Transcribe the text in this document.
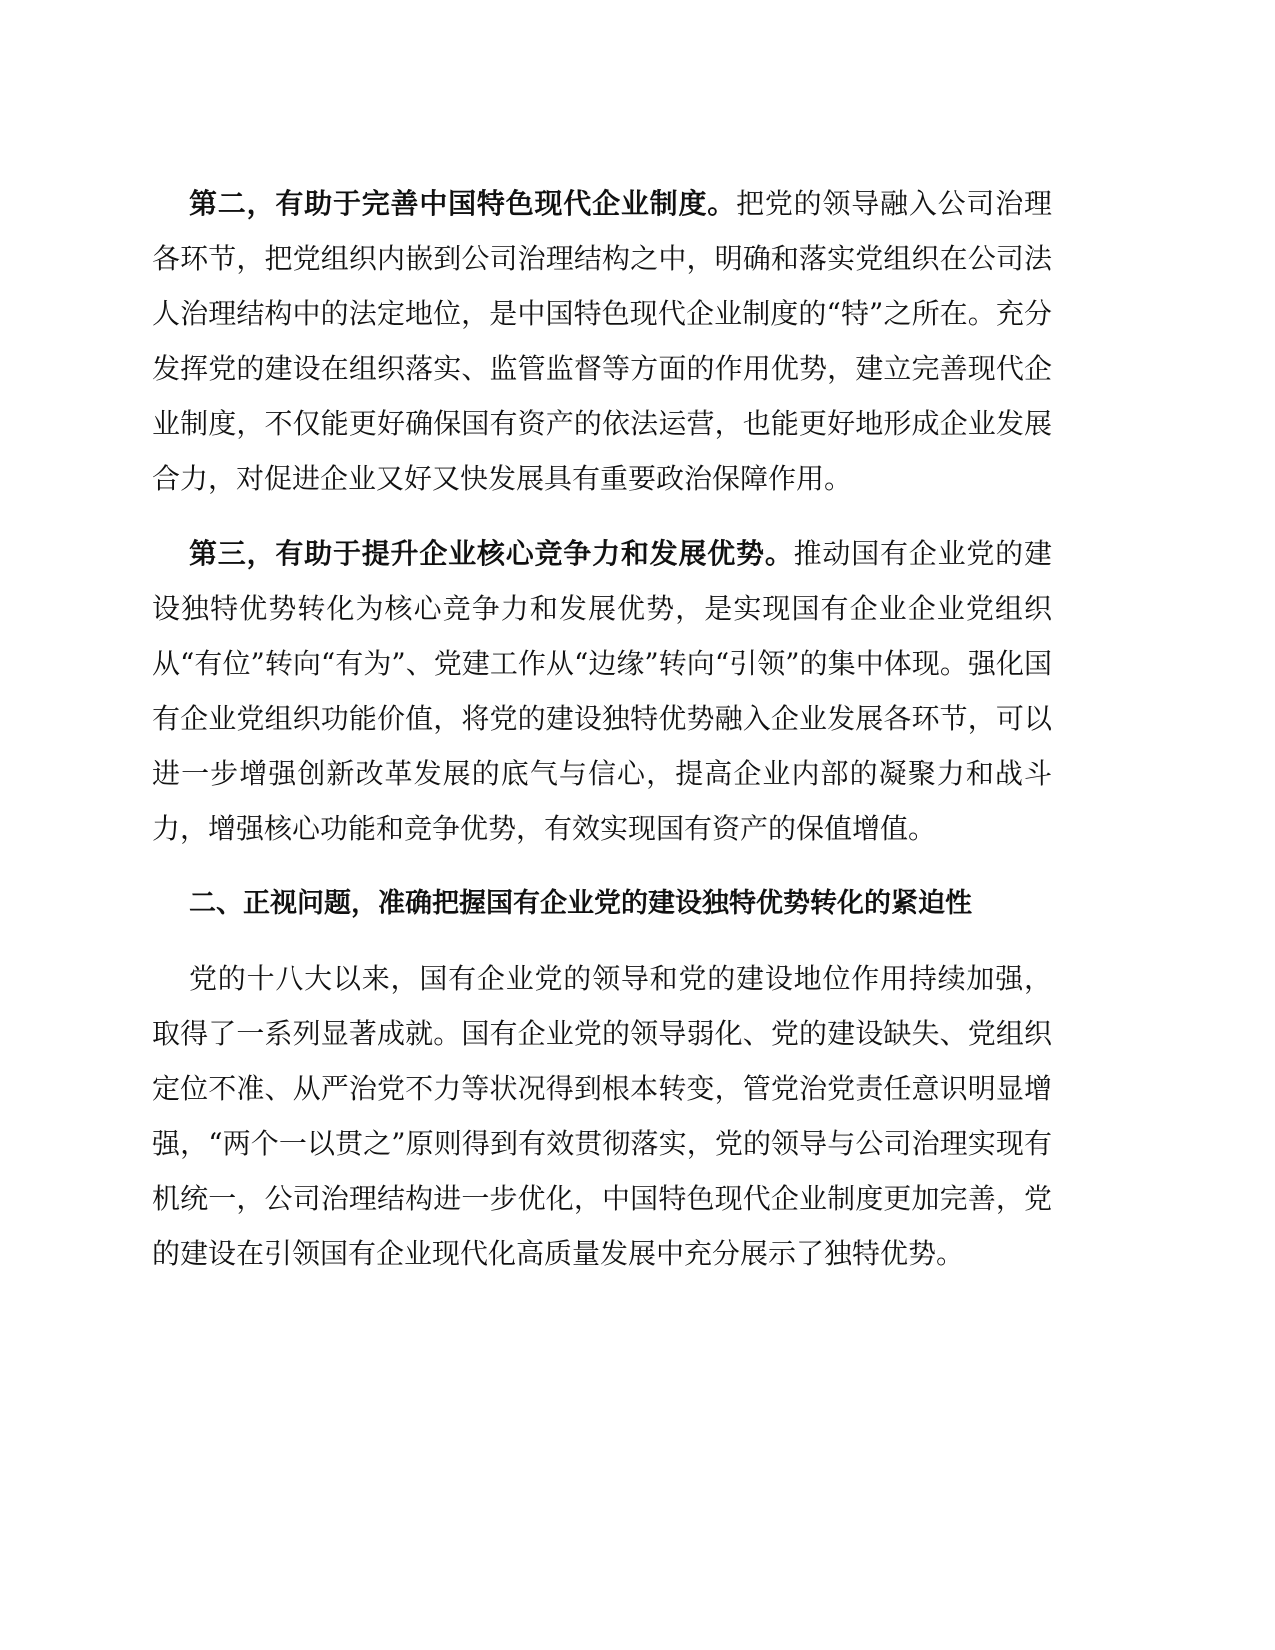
第二，有助于完善中国特色现代企业制度。把党的领导融入公司治理各环节，把党组织内嵌到公司治理结构之中，明确和落实党组织在公司法人治理结构中的法定地位，是中国特色现代企业制度的“特”之所在。充分发挥党的建设在组织落实、监管监督等方面的作用优势，建立完善现代企业制度，不仅能更好确保国有资产的依法运营，也能更好地形成企业发展合力，对促进企业又好又快发展具有重要政治保障作用。

第三，有助于提升企业核心竞争力和发展优势。推动国有企业党的建设独特优势转化为核心竞争力和发展优势，是实现国有企业企业党组织从“有位”转向“有为”、党建工作从“边缘”转向“引领”的集中体现。强化国有企业党组织功能价值，将党的建设独特优势融入企业发展各环节，可以进一步增强创新改革发展的底气与信心，提高企业内部的凝聚力和战斗力，增强核心功能和竞争优势，有效实现国有资产的保值增值。

二、正视问题，准确把握国有企业党的建设独特优势转化的紧迫性

党的十八大以来，国有企业党的领导和党的建设地位作用持续加强，取得了一系列显著成就。国有企业党的领导弱化、党的建设缺失、党组织定位不准、从严治党不力等状况得到根本转变，管党治党责任意识明显增强，“两个一以贯之”原则得到有效贯彻落实，党的领导与公司治理实现有机统一，公司治理结构进一步优化，中国特色现代企业制度更加完善，党的建设在引领国有企业现代化高质量发展中充分展示了独特优势。
